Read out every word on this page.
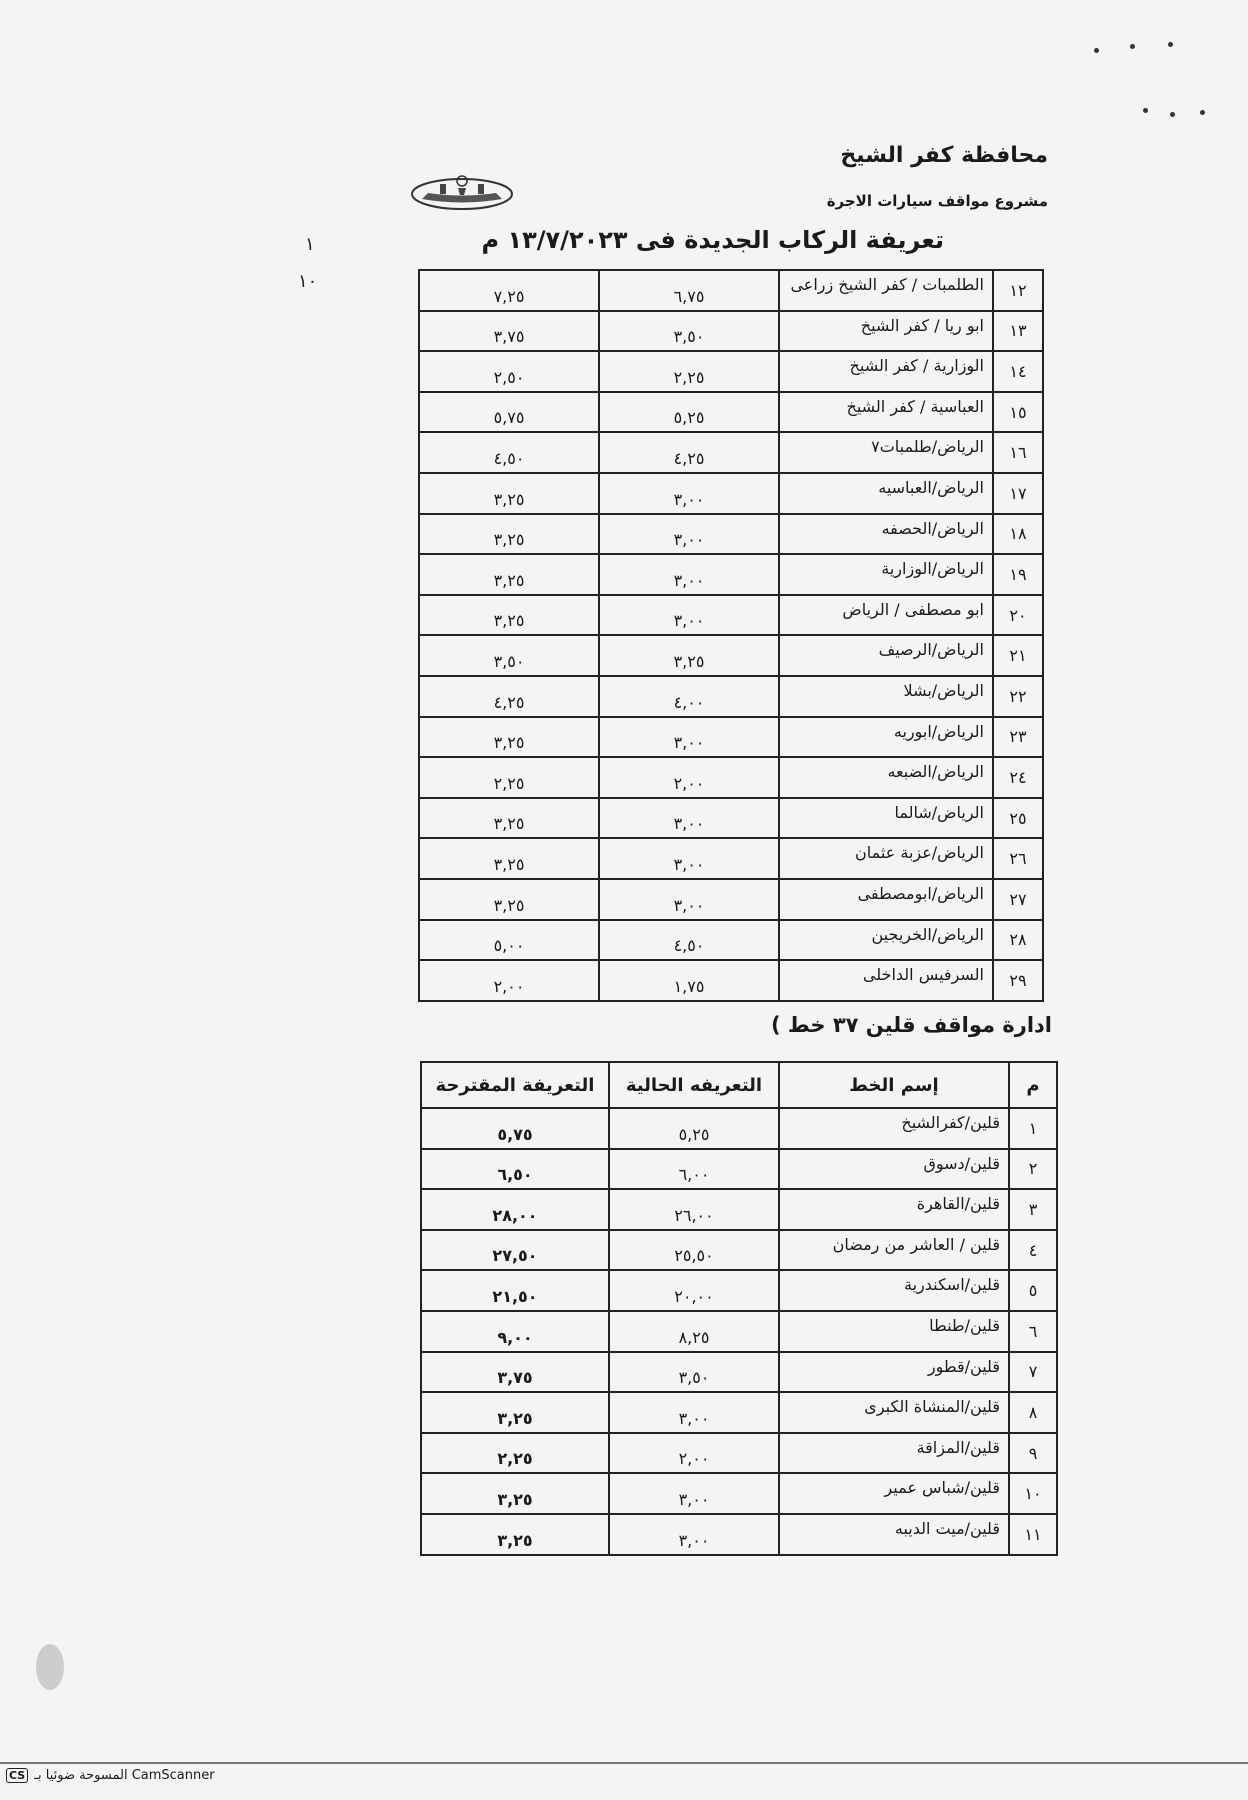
محافظة كفر الشيخ
مشروع مواقف سيارات الاجرة
تعريفة الركاب الجديدة فى ١٣/٧/٢٠٢٣ م
١
١٠	١٢	الطلمبات / كفر الشيخ زراعى	٦,٧٥	٧,٢٥
١٣	ابو ريا / كفر الشيخ	٣,٥٠	٣,٧٥
١٤	الوزارية / كفر الشيخ	٢,٢٥	٢,٥٠
١٥	العباسية / كفر الشيخ	٥,٢٥	٥,٧٥
١٦	الرياض/طلمبات٧	٤,٢٥	٤,٥٠
١٧	الرياض/العباسيه	٣,٠٠	٣,٢٥
١٨	الرياض/الحصفه	٣,٠٠	٣,٢٥
١٩	الرياض/الوزارية	٣,٠٠	٣,٢٥
٢٠	ابو مصطفى / الرياض	٣,٠٠	٣,٢٥
٢١	الرياض/الرصيف	٣,٢٥	٣,٥٠
٢٢	الرياض/بشلا	٤,٠٠	٤,٢٥
٢٣	الرياض/ابوريه	٣,٠٠	٣,٢٥
٢٤	الرياض/الضبعه	٢,٠٠	٢,٢٥
٢٥	الرياض/شالما	٣,٠٠	٣,٢٥
٢٦	الرياض/عزبة عثمان	٣,٠٠	٣,٢٥
٢٧	الرياض/ابومصطفى	٣,٠٠	٣,٢٥
٢٨	الرياض/الخريجين	٤,٥٠	٥,٠٠
٢٩	السرفيس الداخلى	١,٧٥	٢,٠٠
ادارة مواقف قلين ٣٧ خط )
م	إسم الخط	التعريفه الحالية	التعريفة المقترحة
١	قلين/كفرالشيخ	٥,٢٥	٥,٧٥
٢	قلين/دسوق	٦,٠٠	٦,٥٠
٣	قلين/القاهرة	٢٦,٠٠	٢٨,٠٠
٤	قلين / العاشر من رمضان	٢٥,٥٠	٢٧,٥٠
٥	قلين/اسكندرية	٢٠,٠٠	٢١,٥٠
٦	قلين/طنطا	٨,٢٥	٩,٠٠
٧	قلين/قطور	٣,٥٠	٣,٧٥
٨	قلين/المنشاة الكبرى	٣,٠٠	٣,٢٥
٩	قلين/المزاقة	٢,٠٠	٢,٢٥
١٠	قلين/شباس عمير	٣,٠٠	٣,٢٥
١١	قلين/ميت الديبه	٣,٠٠	٣,٢٥
CS المسوحة ضوئيا بـ CamScanner
